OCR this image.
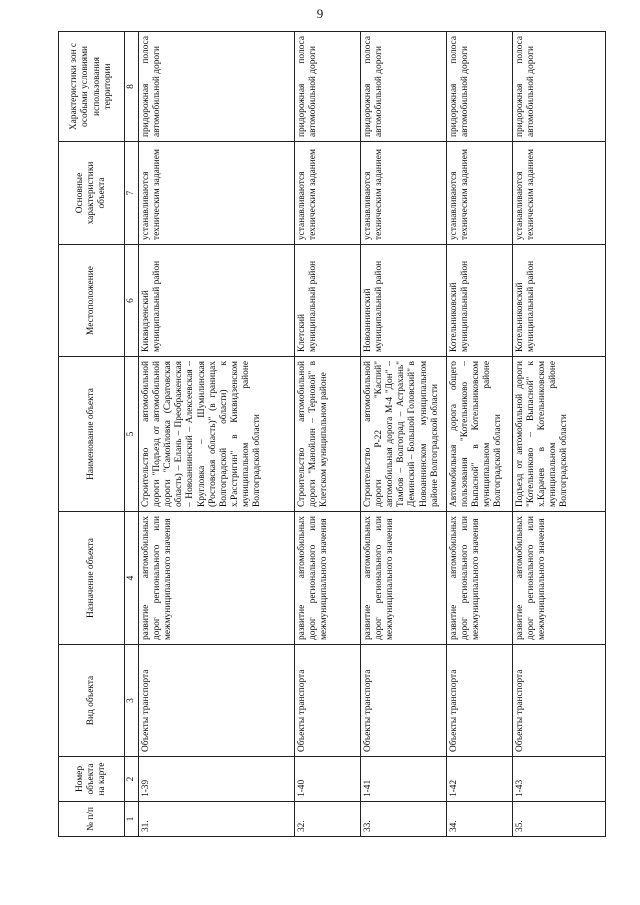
9
№ п/п	Номер объекта на карте	Вид объекта	Назначение объекта	Наименование объекта	Местоположение	Основные характеристики объекта	Характеристики зон с особыми условиями использования территории
1	2	3	4	5	6	7	8
31.	1-39	Объекты транспорта	развитие автомобильных дорог регионального или межмуниципального значения	Строительство автомобильной дороги "Подъезд от автомобильной дороги "Самойловка (Саратовская область) – Елань – Преображенская – Новоаннинский – Алексеевская – Кругловка – Шумилинская (Ростовская область)" (в границах Волгоградской области) к х.Расстригин" в Киквидзенском муниципальном районе Волгоградской области	Киквидзенский муниципальный район	устанавливаются техническим заданием	придорожная полоса автомобильной дороги
32.	1-40	Объекты транспорта	развитие автомобильных дорог регионального или межмуниципального значения	Строительство автомобильной дороги "Манойлин – Терновой" в Клетском муниципальном районе	Клетский муниципальный район	устанавливаются техническим заданием	придорожная полоса автомобильной дороги
33.	1-41	Объекты транспорта	развитие автомобильных дорог регионального или межмуниципального значения	Строительство автомобильной дороги Р-22 "Каспий" автомобильная дорога М-4 "Дон" – Тамбов – Волгоград – Астрахань" Деминский – Большой Головский" в Новоаннинском муниципальном районе Волгоградской области	Новоаннинский муниципальный район	устанавливаются техническим заданием	придорожная полоса автомобильной дороги
34.	1-42	Объекты транспорта	развитие автомобильных дорог регионального или межмуниципального значения	Автомобильная дорога общего пользования "Котельниково – Выпасной" в Котельниковском муниципальном районе Волгоградской области	Котельниковский муниципальный район	устанавливаются техническим заданием	придорожная полоса автомобильной дороги
35.	1-43	Объекты транспорта	развитие автомобильных дорог регионального или межмуниципального значения	Подъезд от автомобильной дороги "Котельниково – Выпасной" к х.Карачев в Котельниковском муниципальном районе Волгоградской области	Котельниковский муниципальный район	устанавливаются техническим заданием	придорожная полоса автомобильной дороги
